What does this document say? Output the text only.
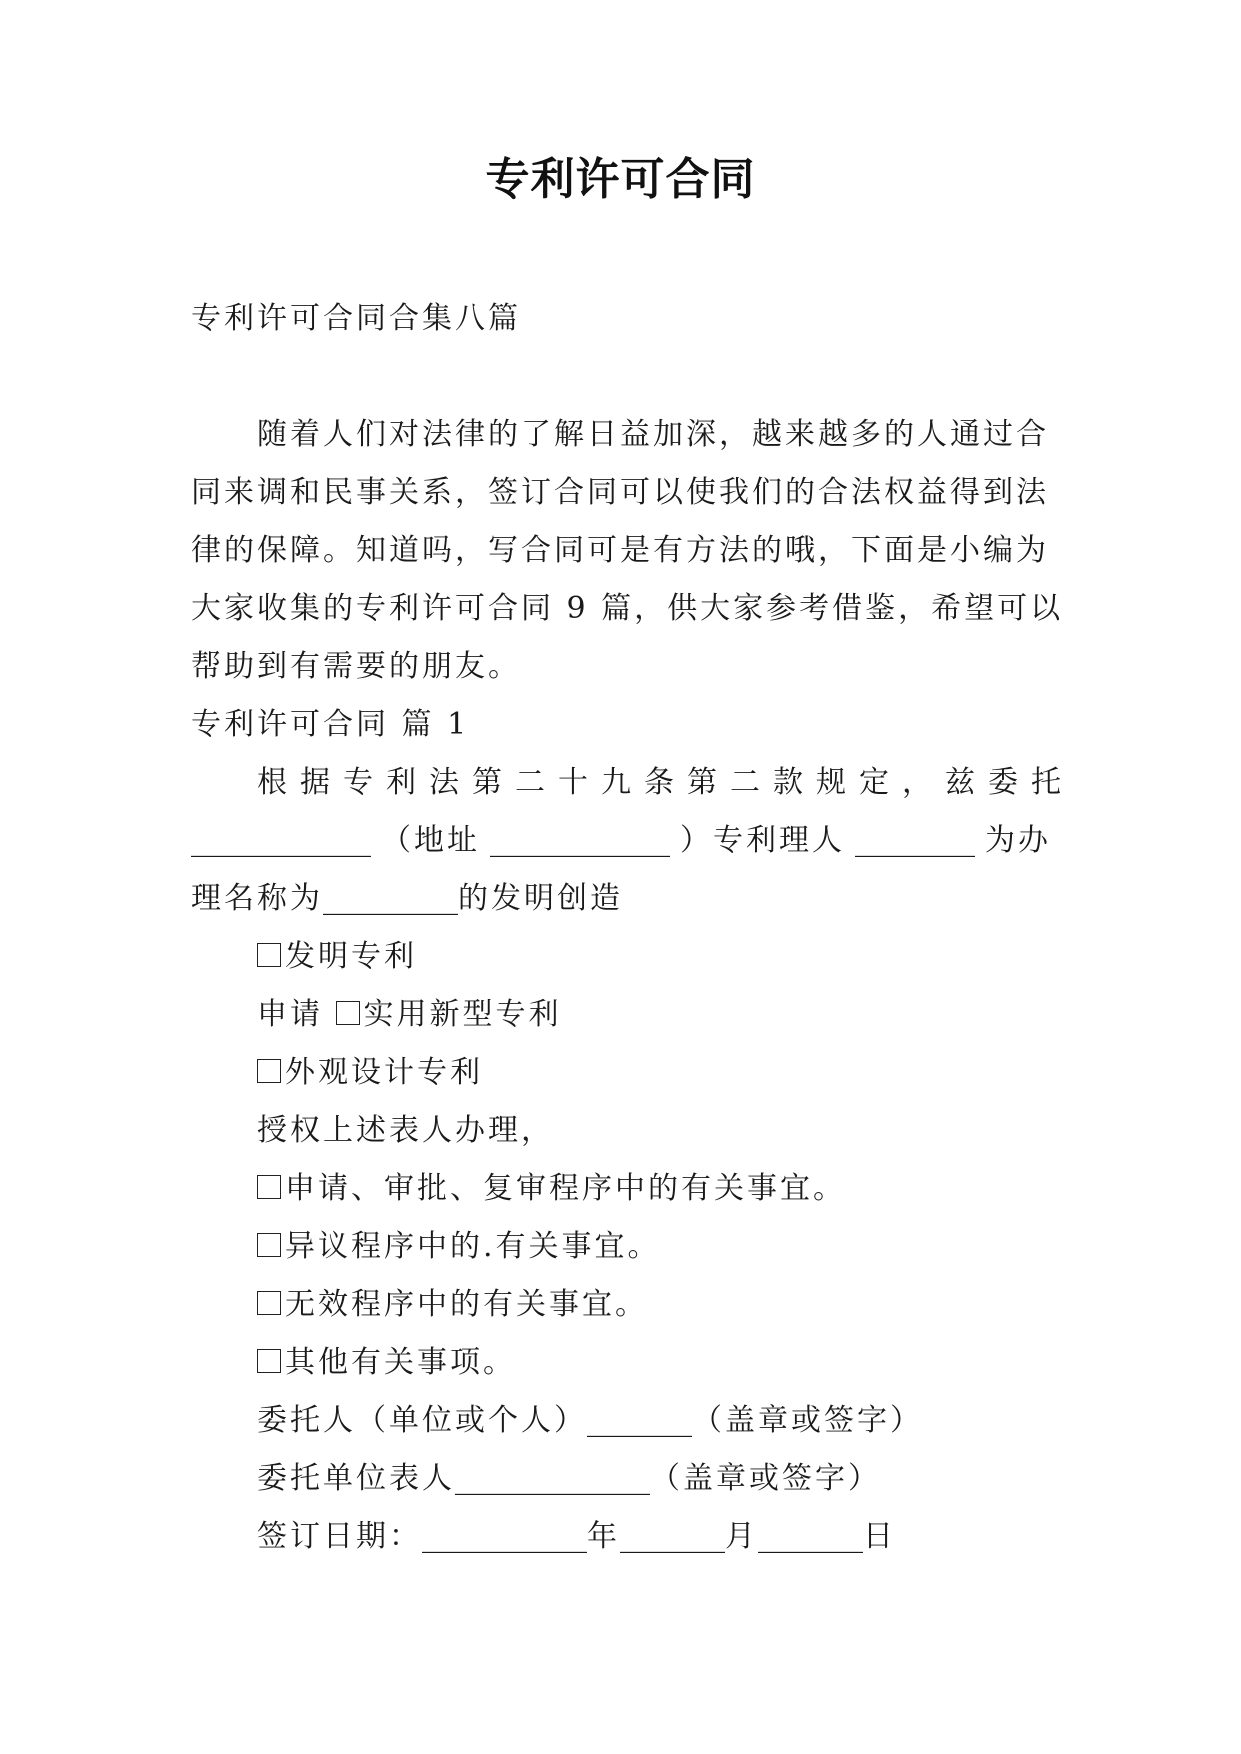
专利许可合同
专利许可合同合集八篇
随着人们对法律的了解日益加深，越来越多的人通过合
同来调和民事关系，签订合同可以使我们的合法权益得到法
律的保障。知道吗，写合同可是有方法的哦，下面是小编为
大家收集的专利许可合同 9 篇，供大家参考借鉴，希望可以
帮助到有需要的朋友。
专利许可合同 篇 1
根据专利法第二十九条第二款规定，兹委托
____________ （地址 ____________ ）专利理人 ________ 为办
理名称为_________的发明创造
发明专利
申请 实用新型专利
外观设计专利
授权上述表人办理，
申请、审批、复审程序中的有关事宜。
异议程序中的.有关事宜。
无效程序中的有关事宜。
其他有关事项。
委托人（单位或个人）_______（盖章或签字）
委托单位表人_____________（盖章或签字）
签订日期：___________年_______月_______日
